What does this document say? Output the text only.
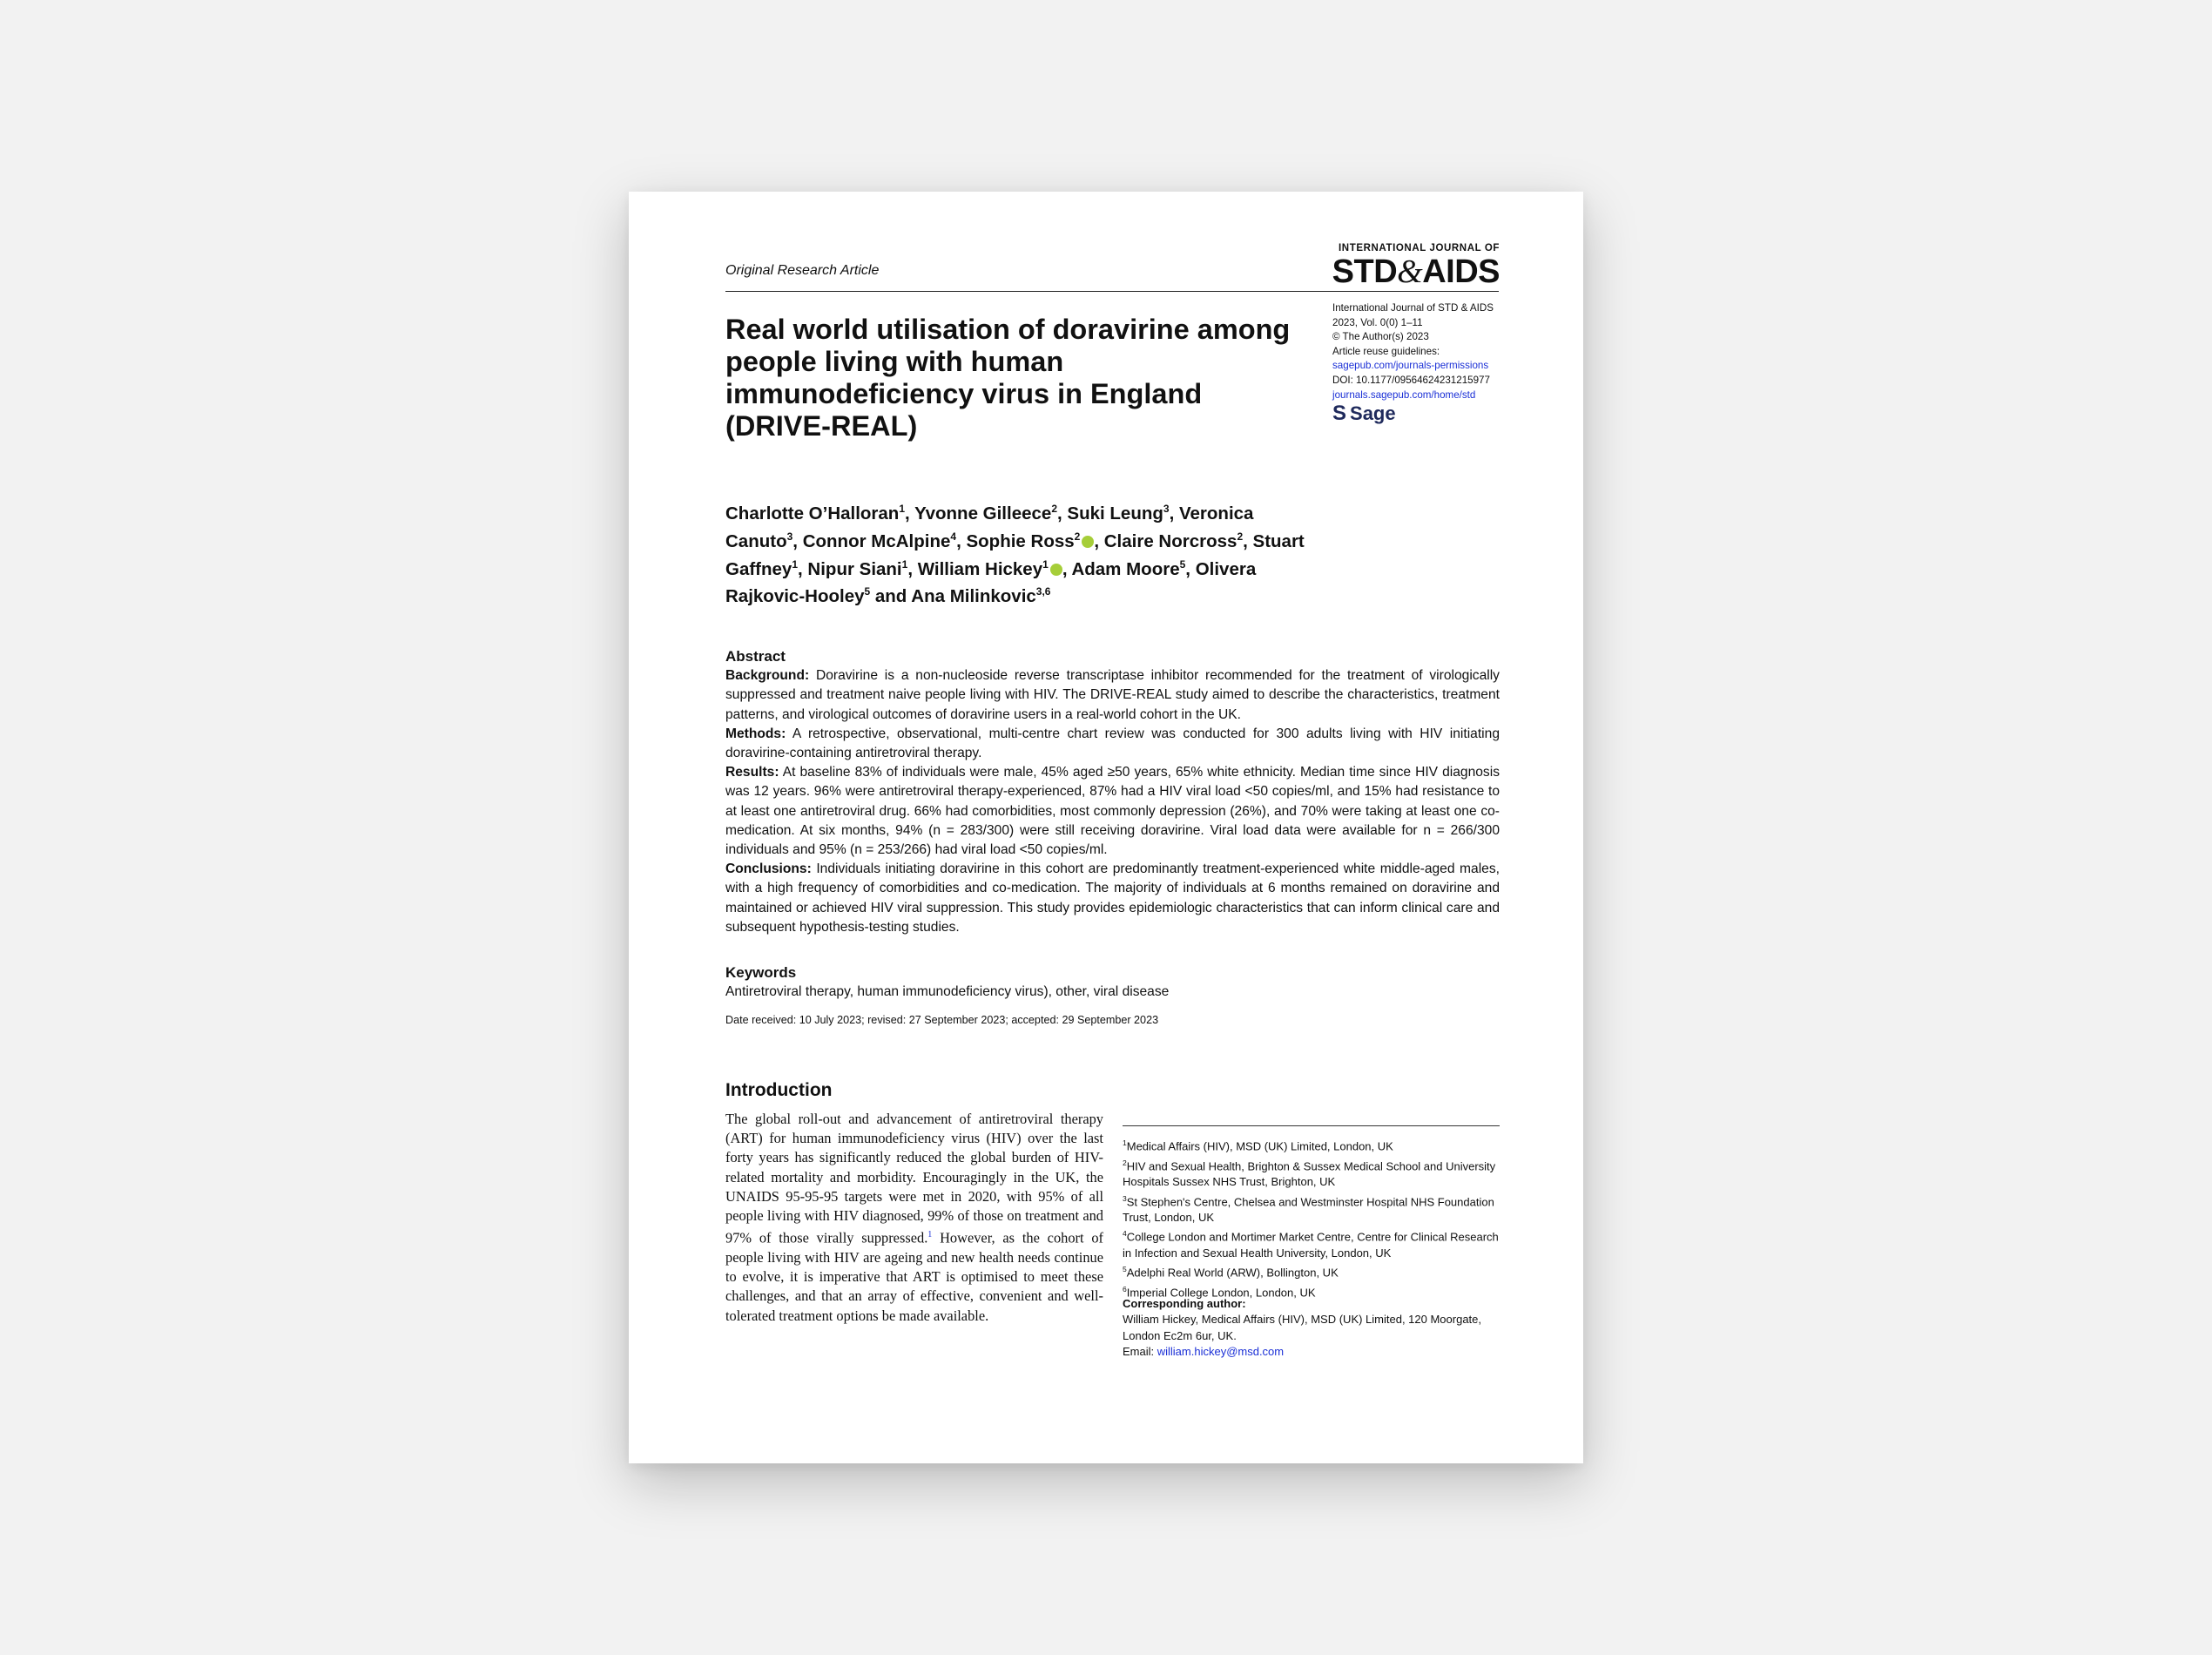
Original Research Article
INTERNATIONAL JOURNAL OF
STD&AIDS
International Journal of STD & AIDS
2023, Vol. 0(0) 1–11
© The Author(s) 2023
Article reuse guidelines:
sagepub.com/journals-permissions
DOI: 10.1177/09564624231215977
journals.sagepub.com/home/std
S Sage
Real world utilisation of doravirine among people living with human immunodeficiency virus in England (DRIVE-REAL)
Charlotte O’Halloran$^1$, Yvonne Gilleece$^2$, Suki Leung$^3$, Veronica Canuto$^3$, Connor McAlpine$^4$, Sophie Ross$^2$ , Claire Norcross$^2$, Stuart Gaffney$^1$, Nipur Siani$^1$, William Hickey$^1$ , Adam Moore$^5$, Olivera Rajkovic-Hooley$^5$ and Ana Milinkovic$^{3,6}$
Abstract

Background: Doravirine is a non-nucleoside reverse transcriptase inhibitor recommended for the treatment of virologically suppressed and treatment naive people living with HIV. The DRIVE-REAL study aimed to describe the characteristics, treatment patterns, and virological outcomes of doravirine users in a real-world cohort in the UK.

Methods: A retrospective, observational, multi-centre chart review was conducted for 300 adults living with HIV initiating doravirine-containing antiretroviral therapy.

Results: At baseline 83% of individuals were male, 45% aged ≥50 years, 65% white ethnicity. Median time since HIV diagnosis was 12 years. 96% were antiretroviral therapy-experienced, 87% had a HIV viral load <50 copies/ml, and 15% had resistance to at least one antiretroviral drug. 66% had comorbidities, most commonly depression (26%), and 70% were taking at least one co-medication. At six months, 94% (n = 283/300) were still receiving doravirine. Viral load data were available for n = 266/300 individuals and 95% (n = 253/266) had viral load <50 copies/ml.

Conclusions: Individuals initiating doravirine in this cohort are predominantly treatment-experienced white middle-aged males, with a high frequency of comorbidities and co-medication. The majority of individuals at 6 months remained on doravirine and maintained or achieved HIV viral suppression. This study provides epidemiologic characteristics that can inform clinical care and subsequent hypothesis-testing studies.

Keywords
Antiretroviral therapy, human immunodeficiency virus), other, viral disease
Date received: 10 July 2023; revised: 27 September 2023; accepted: 29 September 2023
Introduction
The global roll-out and advancement of antiretroviral therapy (ART) for human immunodeficiency virus (HIV) over the last forty years has significantly reduced the global burden of HIV-related mortality and morbidity. Encouragingly in the UK, the UNAIDS 95-95-95 targets were met in 2020, with 95% of all people living with HIV diagnosed, 99% of those on treatment and 97% of those virally suppressed.$^1$ However, as the cohort of people living with HIV are ageing and new health needs continue to evolve, it is imperative that ART is optimised to meet these challenges, and that an array of effective, convenient and well-tolerated treatment options be made available.
$^1$Medical Affairs (HIV), MSD (UK) Limited, London, UK
$^2$HIV and Sexual Health, Brighton & Sussex Medical School and University Hospitals Sussex NHS Trust, Brighton, UK
$^3$St Stephen's Centre, Chelsea and Westminster Hospital NHS Foundation Trust, London, UK
$^4$College London and Mortimer Market Centre, Centre for Clinical Research in Infection and Sexual Health University, London, UK
$^5$Adelphi Real World (ARW), Bollington, UK
$^6$Imperial College London, London, UK
Corresponding author:
William Hickey, Medical Affairs (HIV), MSD (UK) Limited, 120 Moorgate, London Ec2m 6ur, UK.
Email: william.hickey@msd.com
